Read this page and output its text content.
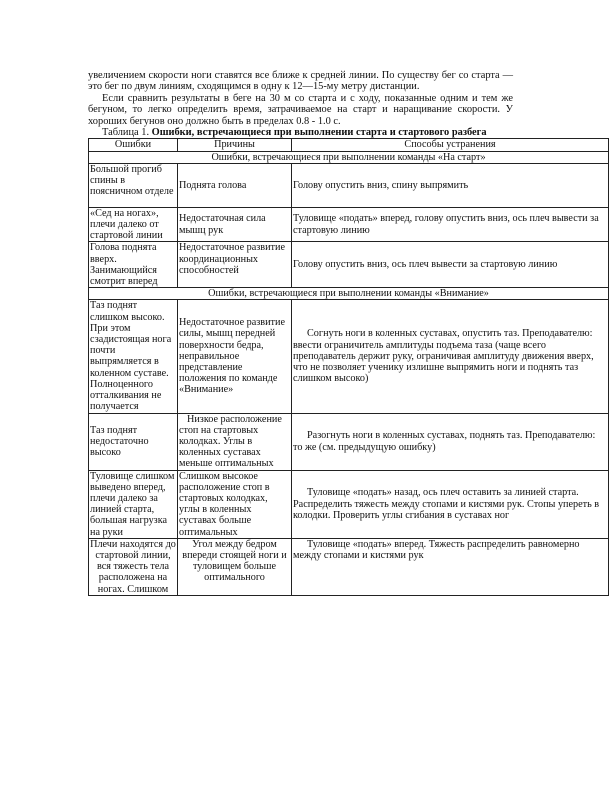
увеличением скорости ноги ставятся все ближе к средней линии. По существу бег со старта — это бег по двум линиям, сходящимся в одну к 12—15-му метру дистанции.

Если сравнить результаты в беге на 30 м со старта и с ходу, показанные одним и тем же бегуном, то легко определить время, затрачиваемое на старт и наращивание скорости. У хороших бегунов оно должно быть в пределах 0.8 - 1.0 с.

Таблица 1. Ошибки, встречающиеся при выполнении старта и стартового разбега

Ошибки	Причины	Способы устранения
Ошибки, встречающиеся при выполнении команды «На старт»		
Большой прогиб спины в поясничном отделе	Поднята голова	Голову опустить вниз, спину выпрямить
«Сед на ногах», плечи далеко от стартовой линии	Недостаточная сила мышц рук	Туловище «подать» вперед, голову опустить вниз, ось плеч вывести за стартовую линию
Голова поднята вверх. Занимающийся смотрит вперед	Недостаточное развитие координационных способностей	Голову опустить вниз, ось плеч вывести за стартовую линию
Ошибки, встречающиеся при выполнении команды «Внимание»		
Таз поднят слишком высоко. При этом сзадистоящая нога почти выпрямляется в коленном суставе. Полноценного отталкивания не получается	Недостаточное развитие силы, мышц передней поверхности бедра, неправильное представление положения по команде «Внимание»	Согнуть ноги в коленных суставах, опустить таз. Преподавателю: ввести ограничитель амплитуды подъема таза (чаще всего преподаватель держит руку, ограничивая амплитуду движения вверх, что не позволяет ученику излишне выпрямить ноги и поднять таз слишком высоко)
Таз поднят недостаточно высоко	Низкое расположение стоп на стартовых колодках. Углы в коленных суставах меньше оптимальных	Разогнуть ноги в коленных суставах, поднять таз. Преподавателю: то же (см. предыдущую ошибку)
Туловище слишком выведено вперед, плечи далеко за линией старта, большая нагрузка на руки	Слишком высокое расположение стоп в стартовых колодках, углы в коленных суставах больше оптимальных	Туловище «подать» назад, ось плеч оставить за линией старта. Распределить тяжесть между стопами и кистями рук. Стопы упереть в колодки. Проверить углы сгибания в суставах ног
Плечи находятся до стартовой линии, вся тяжесть тела расположена на ногах. Слишком	Угол между бедром впереди стоящей ноги и туловищем больше оптимального	Туловище «подать» вперед. Тяжесть распределить равномерно между стопами и кистями рук
